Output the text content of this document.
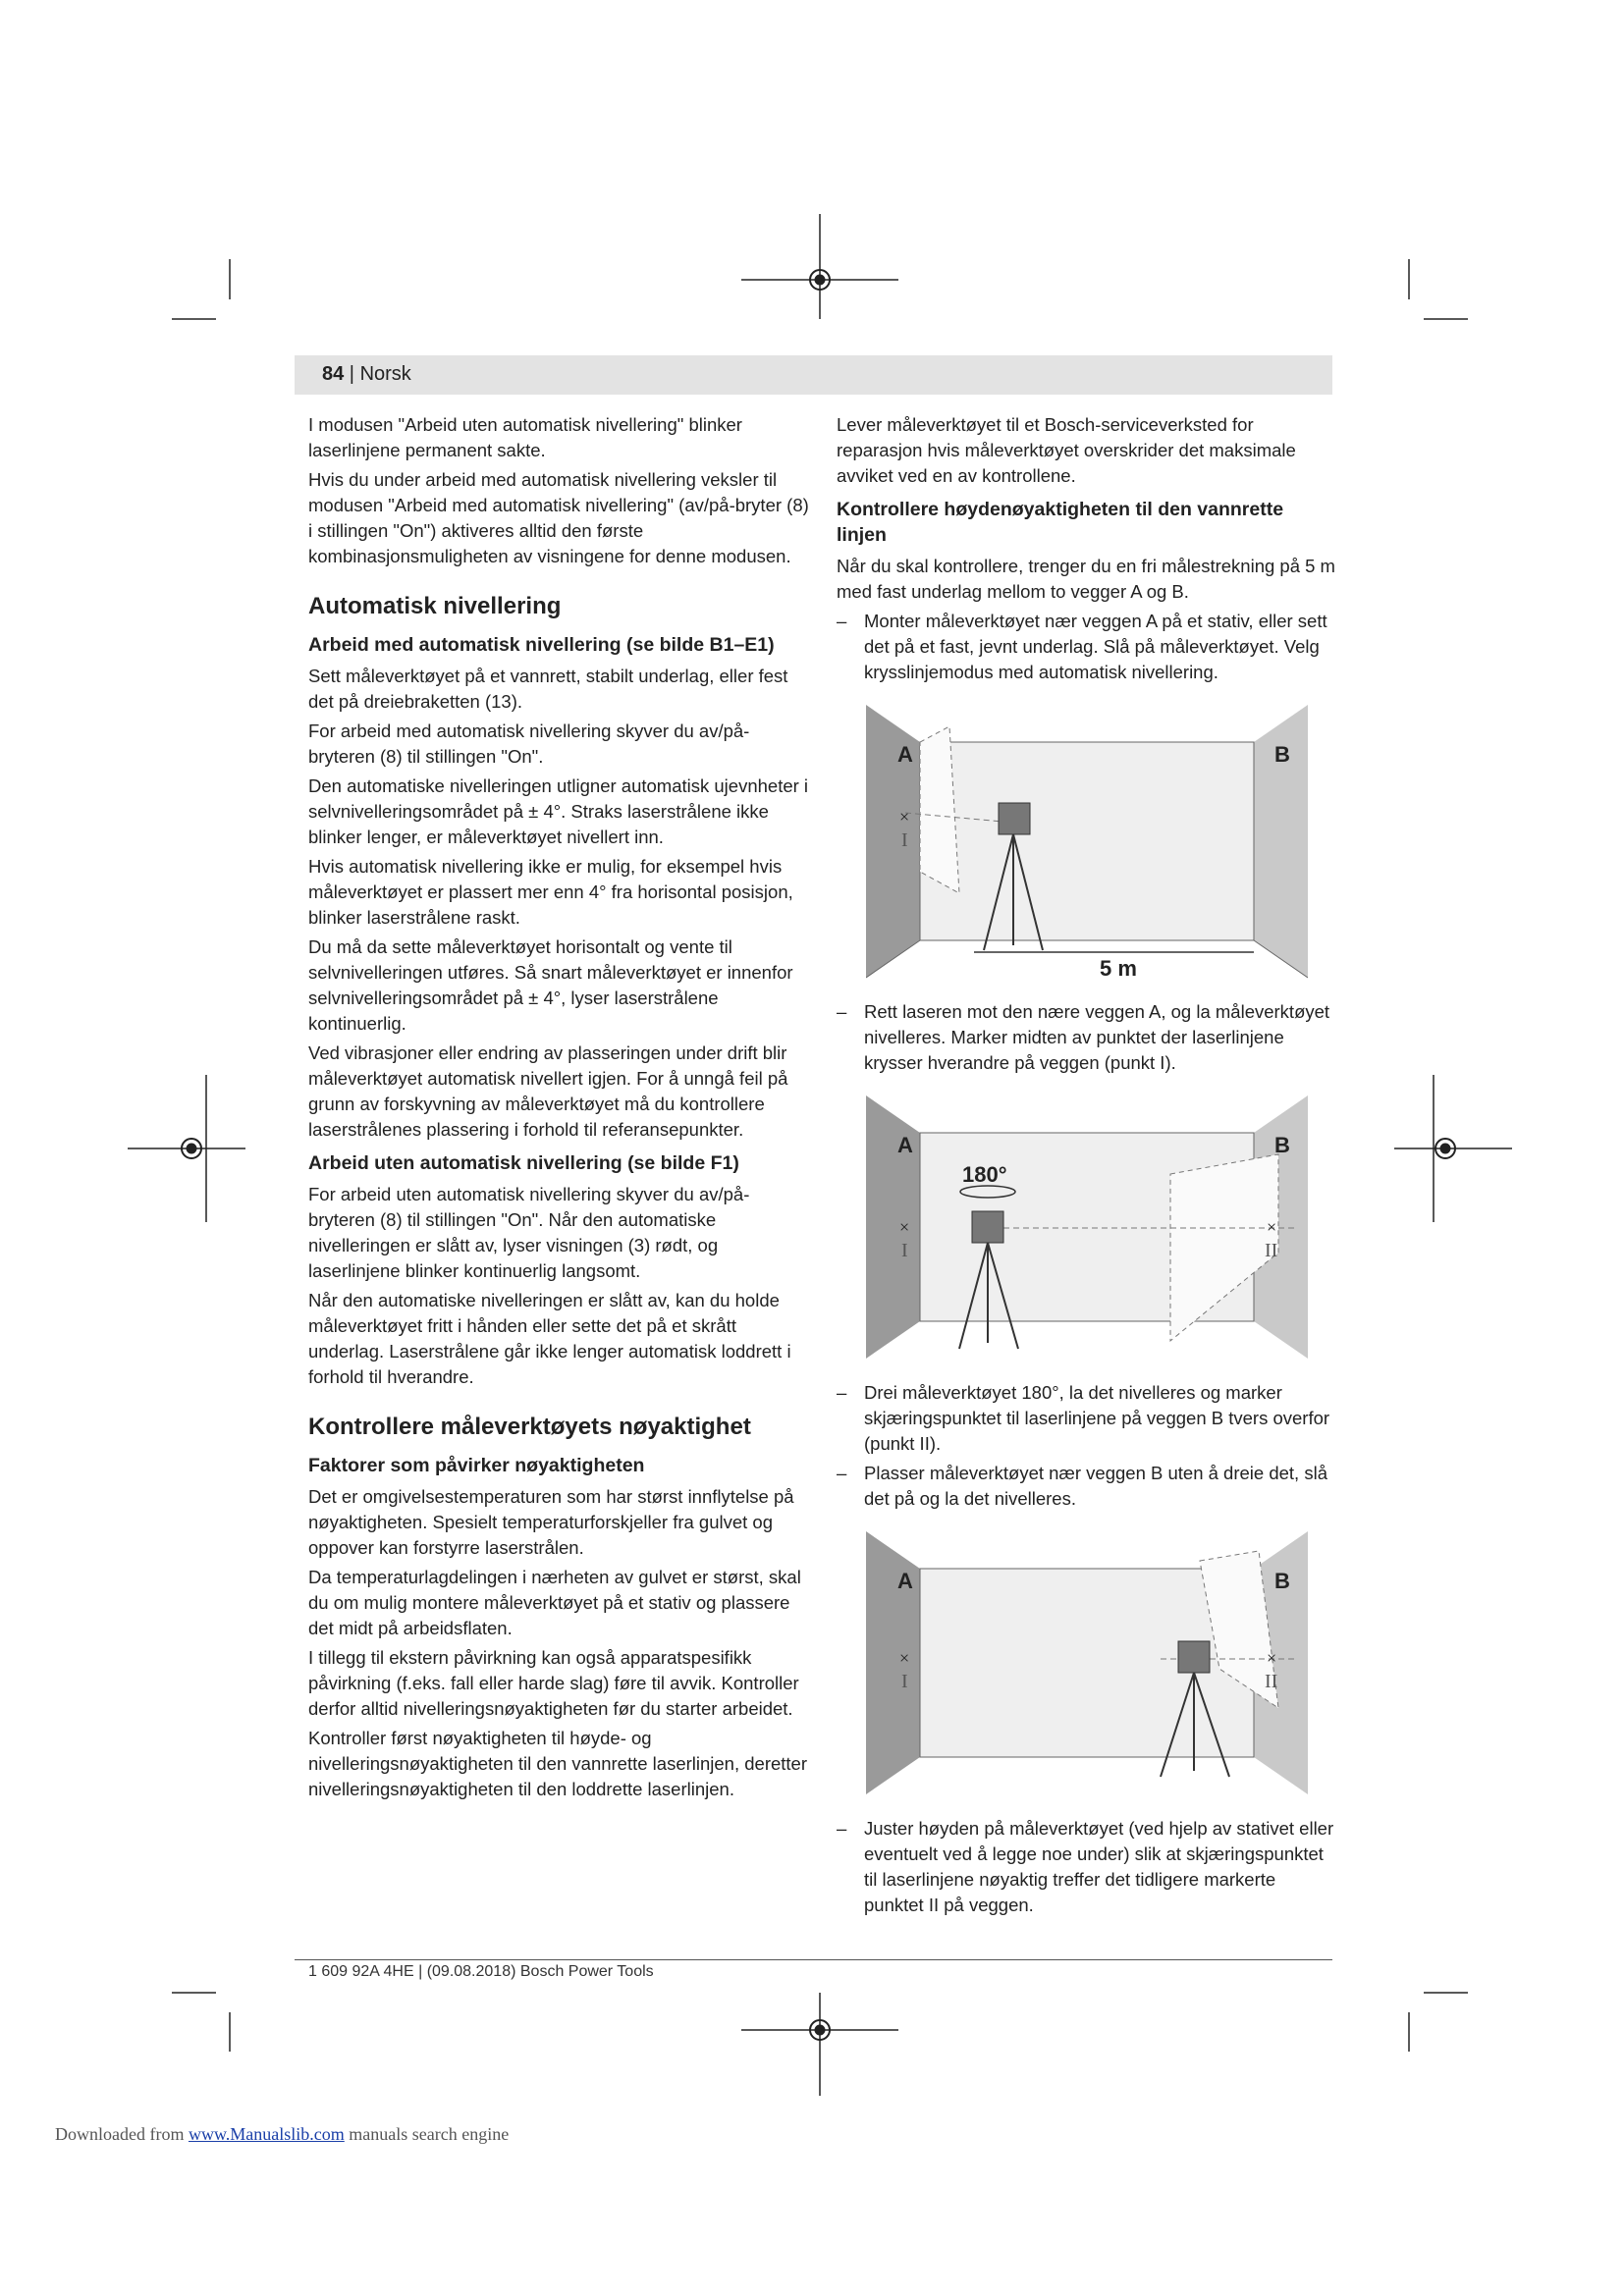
84 | Norsk

I modusen "Arbeid uten automatisk nivellering" blinker laserlinjene permanent sakte.

Hvis du under arbeid med automatisk nivellering veksler til modusen "Arbeid med automatisk nivellering" (av/på-bryter (8) i stillingen "On") aktiveres alltid den første kombinasjonsmuligheten av visningene for denne modusen.

Automatisk nivellering
Arbeid med automatisk nivellering (se bilde B1–E1)

Sett måleverktøyet på et vannrett, stabilt underlag, eller fest det på dreiebraketten (13).

For arbeid med automatisk nivellering skyver du av/på-bryteren (8) til stillingen "On".

Den automatiske nivelleringen utligner automatisk ujevnheter i selvnivelleringsområdet på ± 4°. Straks laserstrålene ikke blinker lenger, er måleverktøyet nivellert inn.

Hvis automatisk nivellering ikke er mulig, for eksempel hvis måleverktøyet er plassert mer enn 4° fra horisontal posisjon, blinker laserstrålene raskt.

Du må da sette måleverktøyet horisontalt og vente til selvnivelleringen utføres. Så snart måleverktøyet er innenfor selvnivelleringsområdet på ± 4°, lyser laserstrålene kontinuerlig.

Ved vibrasjoner eller endring av plasseringen under drift blir måleverktøyet automatisk nivellert igjen. For å unngå feil på grunn av forskyvning av måleverktøyet må du kontrollere laserstrålenes plassering i forhold til referansepunkter.

Arbeid uten automatisk nivellering (se bilde F1)

For arbeid uten automatisk nivellering skyver du av/på-bryteren (8) til stillingen "On". Når den automatiske nivelleringen er slått av, lyser visningen (3) rødt, og laserlinjene blinker kontinuerlig langsomt.

Når den automatiske nivelleringen er slått av, kan du holde måleverktøyet fritt i hånden eller sette det på et skrått underlag. Laserstrålene går ikke lenger automatisk loddrett i forhold til hverandre.

Kontrollere måleverktøyets nøyaktighet
Faktorer som påvirker nøyaktigheten

Det er omgivelsestemperaturen som har størst innflytelse på nøyaktigheten. Spesielt temperaturforskjeller fra gulvet og oppover kan forstyrre laserstrålen.

Da temperaturlagdelingen i nærheten av gulvet er størst, skal du om mulig montere måleverktøyet på et stativ og plassere det midt på arbeidsflaten.

I tillegg til ekstern påvirkning kan også apparatspesifikk påvirkning (f.eks. fall eller harde slag) føre til avvik. Kontroller derfor alltid nivelleringsnøyaktigheten før du starter arbeidet.

Kontroller først nøyaktigheten til høyde- og nivelleringsnøyaktigheten til den vannrette laserlinjen, deretter nivelleringsnøyaktigheten til den loddrette laserlinjen.

Lever måleverktøyet til et Bosch-serviceverksted for reparasjon hvis måleverktøyet overskrider det maksimale avviket ved en av kontrollene.

Kontrollere høydenøyaktigheten til den vannrette linjen

Når du skal kontrollere, trenger du en fri målestrekning på 5 m med fast underlag mellom to vegger A og B.

– Monter måleverktøyet nær veggen A på et stativ, eller sett det på et fast, jevnt underlag. Slå på måleverktøyet. Velg krysslinjemodus med automatisk nivellering.
A	B
×
I
5 m
– Rett laseren mot den nære veggen A, og la måleverktøyet nivelleres. Marker midten av punktet der laserlinjene krysser hverandre på veggen (punkt I).
A	B
180°
×
I
×
II
– Drei måleverktøyet 180°, la det nivelleres og marker skjæringspunktet til laserlinjene på veggen B tvers overfor (punkt II).
– Plasser måleverktøyet nær veggen B uten å dreie det, slå det på og la det nivelleres.
A	B
×
I
×
II
– Juster høyden på måleverktøyet (ved hjelp av stativet eller eventuelt ved å legge noe under) slik at skjæringspunktet til laserlinjene nøyaktig treffer det tidligere markerte punktet II på veggen.
1 609 92A 4HE | (09.08.2018) Bosch Power Tools
Downloaded from www.Manualslib.com manuals search engine
